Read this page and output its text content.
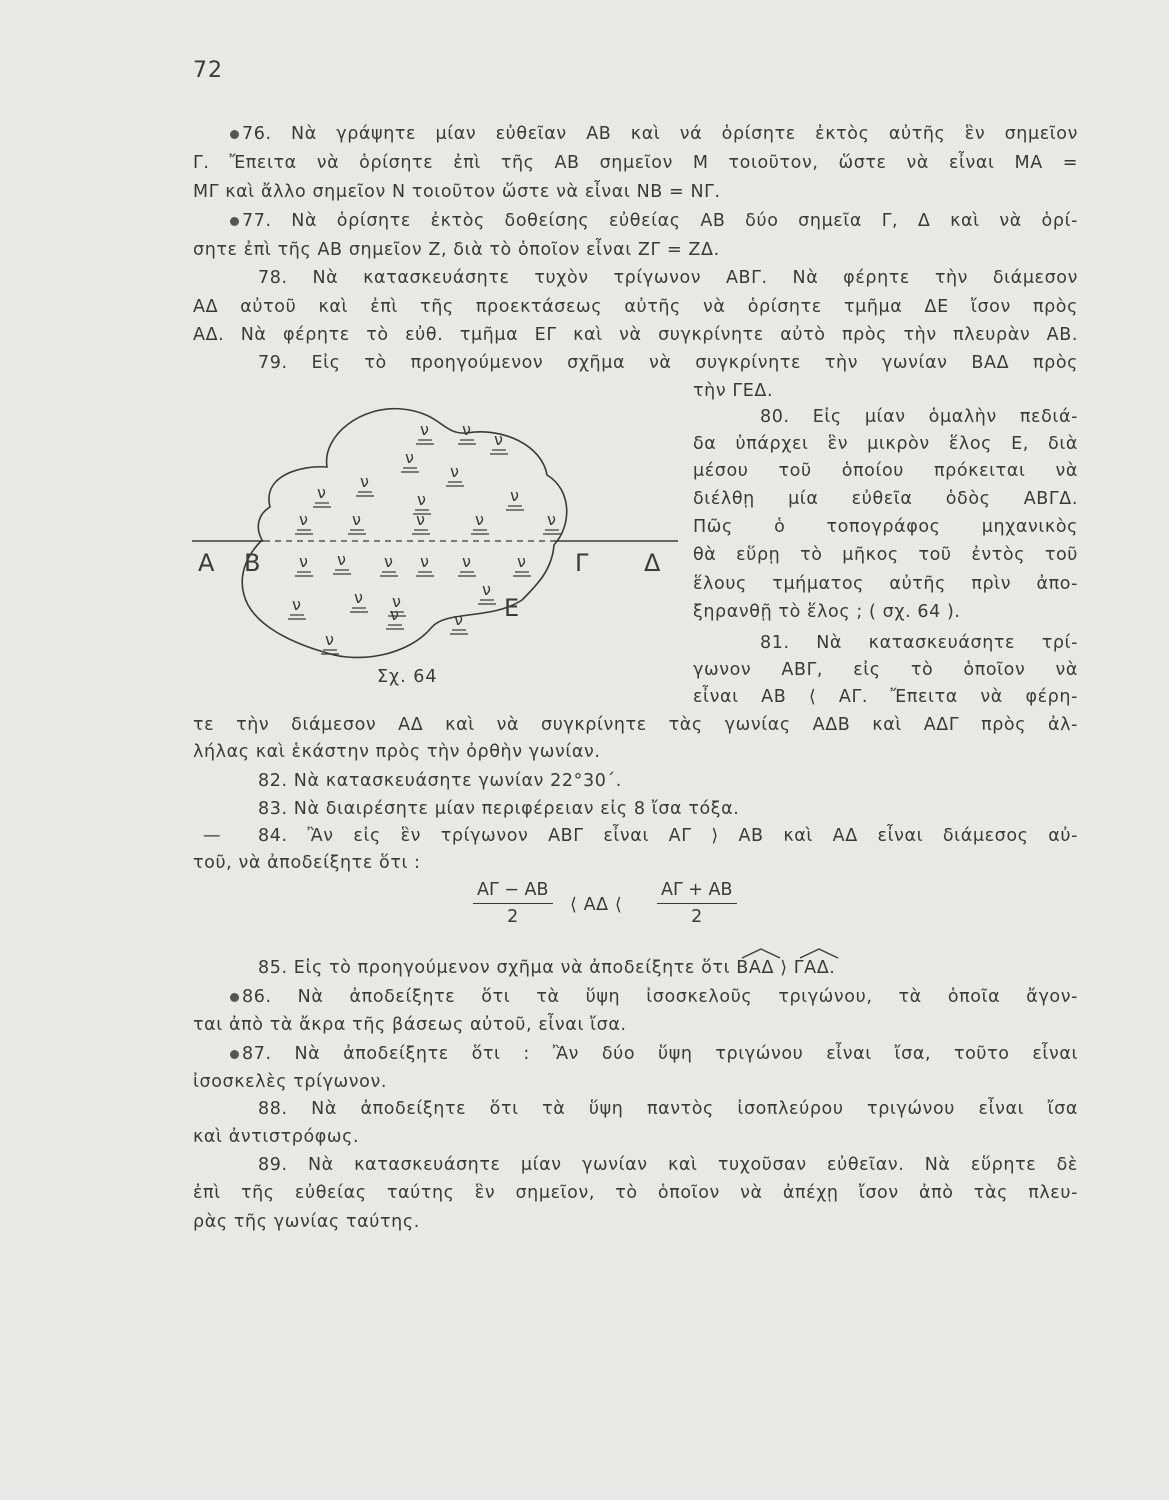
72
76. Νὰ γράψητε μίαν εὐθεῖαν ΑΒ καὶ νά ὁρίσητε ἐκτὸς αὐτῆς ἓν σημεῖον
Γ. Ἔπειτα νὰ ὁρίσητε ἐπὶ τῆς ΑΒ σημεῖον Μ τοιοῦτον, ὥστε νὰ εἶναι ΜΑ =
ΜΓ καὶ ἄλλο σημεῖον Ν τοιοῦτον ὥστε νὰ εἶναι ΝΒ = ΝΓ.
77. Νὰ ὁρίσητε ἐκτὸς δοθείσης εὐθείας ΑΒ δύο σημεῖα Γ, Δ καὶ νὰ ὁρί-
σητε ἐπὶ τῆς ΑΒ σημεῖον Ζ, διὰ τὸ ὁποῖον εἶναι ΖΓ = ΖΔ.
78. Νὰ κατασκευάσητε τυχὸν τρίγωνον ΑΒΓ. Νὰ φέρητε τὴν διάμεσον
ΑΔ αὐτοῦ καὶ ἐπὶ τῆς προεκτάσεως αὐτῆς νὰ ὁρίσητε τμῆμα ΔΕ ἴσον πρὸς
ΑΔ. Νὰ φέρητε τὸ εὐθ. τμῆμα ΕΓ καὶ νὰ συγκρίνητε αὐτὸ πρὸς τὴν πλευρὰν ΑΒ.
79. Εἰς τὸ προηγούμενον σχῆμα νὰ συγκρίνητε τὴν γωνίαν ΒΑΔ πρὸς
τὴν ΓΕΔ.
80. Εἰς μίαν ὁμαλὴν πεδιά-
δα ὑπάρχει ἓν μικρὸν ἕλος Ε, διὰ
μέσου τοῦ ὁποίου πρόκειται νὰ
διέλθῃ μία εὐθεῖα ὁδὸς ΑΒΓΔ.
Πῶς ὁ τοπογράφος μηχανικὸς
θὰ εὕρῃ τὸ μῆκος τοῦ ἐντὸς τοῦ
ἕλους τμήματος αὐτῆς πρὶν ἀπο-
ξηρανθῇ τὸ ἕλος ; ( σχ. 64 ).
81. Νὰ κατασκευάσητε τρί-
γωνον ΑΒΓ, εἰς τὸ ὁποῖον νὰ
εἶναι ΑΒ ⟨ ΑΓ. Ἔπειτα νὰ φέρη-
τε τὴν διάμεσον ΑΔ καὶ νὰ συγκρίνητε τὰς γωνίας ΑΔΒ καὶ ΑΔΓ πρὸς ἀλ-
λήλας καὶ ἑκάστην πρὸς τὴν ὀρθὴν γωνίαν.
82. Νὰ κατασκευάσητε γωνίαν 22°30΄.
83. Νὰ διαιρέσητε μίαν περιφέρειαν εἰς 8 ἴσα τόξα.
— 84. Ἂν εἰς ἓν τρίγωνον ΑΒΓ εἶναι ΑΓ ⟩ ΑΒ καὶ ΑΔ εἶναι διάμεσος αὐ-
τοῦ, νὰ ἀποδείξητε ὅτι :
$\frac{A\Gamma - AB}{2}$ ⟨ ΑΔ ⟨ $\frac{A\Gamma + AB}{2}$
85. Εἰς τὸ προηγούμενον σχῆμα νὰ ἀποδείξητε ὅτι ΒΑΔ ⟩ ΓΑΔ.
86. Νὰ ἀποδείξητε ὅτι τὰ ὕψη ἰσοσκελοῦς τριγώνου, τὰ ὁποῖα ἄγον-
ται ἀπὸ τὰ ἄκρα τῆς βάσεως αὐτοῦ, εἶναι ἴσα.
87. Νὰ ἀποδείξητε ὅτι : Ἂν δύο ὕψη τριγώνου εἶναι ἴσα, τοῦτο εἶναι
ἰσοσκελὲς τρίγωνον.
88. Νὰ ἀποδείξητε ὅτι τὰ ὕψη παντὸς ἰσοπλεύρου τριγώνου εἶναι ἴσα
καὶ ἀντιστρόφως.
89. Νὰ κατασκευάσητε μίαν γωνίαν καὶ τυχοῦσαν εὐθεῖαν. Νὰ εὕρητε δὲ
ἐπὶ τῆς εὐθείας ταύτης ἓν σημεῖον, τὸ ὁποῖον νὰ ἀπέχῃ ἴσον ἀπὸ τὰς πλευ-
ρὰς τῆς γωνίας ταύτης.
Α Β	Γ Δ
Ε
ν ν
ν
ν
ν
ν
ν
ν	ν
ν	ν	ν	ν	ν
ν ν ν ν ν	ν
ν
ν	ν ν
ν
ν
ν
Σχ. 64
